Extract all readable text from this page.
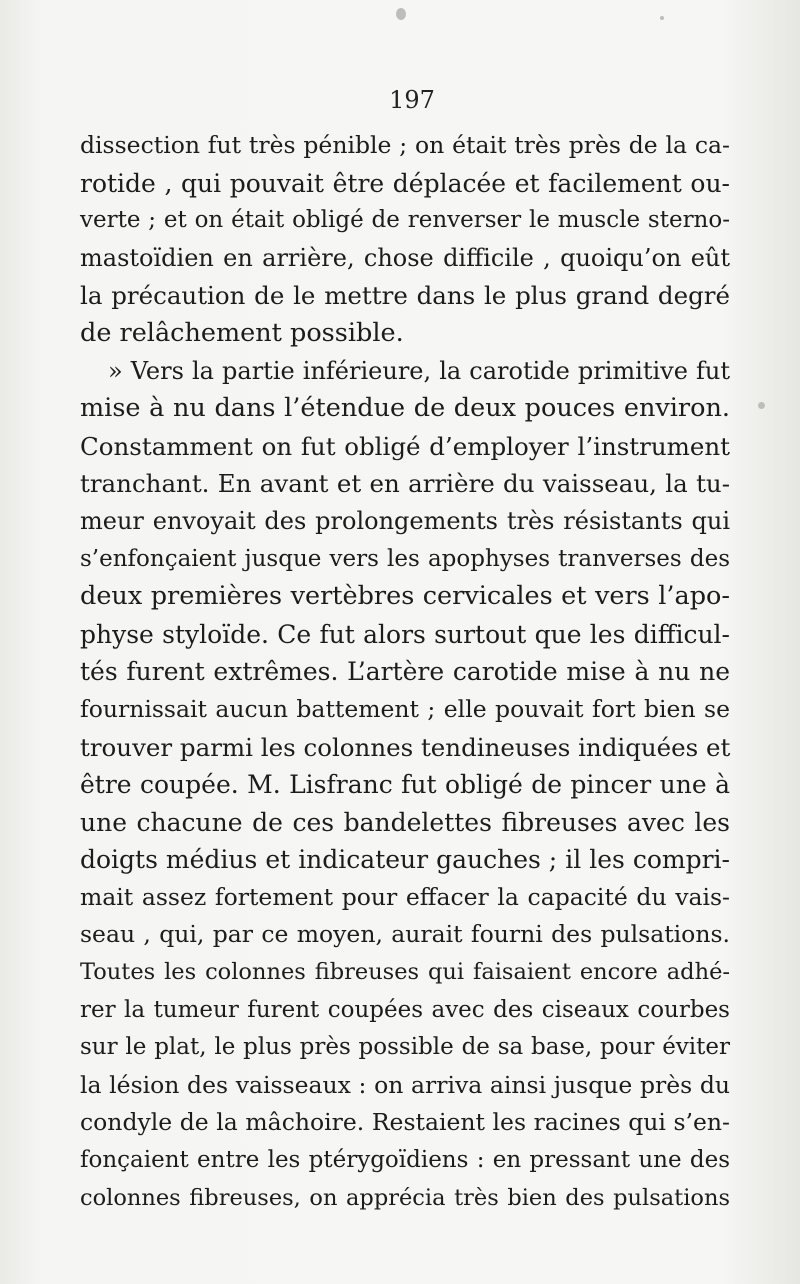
197
dissection fut très pénible ; on était très près de la ca-
rotide , qui pouvait être déplacée et facilement ou-
verte ; et on était obligé de renverser le muscle sterno-
mastoïdien en arrière, chose difficile , quoiqu’on eût
la précaution de le mettre dans le plus grand degré
de relâchement possible.
» Vers la partie inférieure, la carotide primitive fut
mise à nu dans l’étendue de deux pouces environ.
Constamment on fut obligé d’employer l’instrument
tranchant. En avant et en arrière du vaisseau, la tu-
meur envoyait des prolongements très résistants qui
s’enfonçaient jusque vers les apophyses tranverses des
deux premières vertèbres cervicales et vers l’apo-
physe styloïde. Ce fut alors surtout que les difficul-
tés furent extrêmes. L’artère carotide mise à nu ne
fournissait aucun battement ; elle pouvait fort bien se
trouver parmi les colonnes tendineuses indiquées et
être coupée. M. Lisfranc fut obligé de pincer une à
une chacune de ces bandelettes fibreuses avec les
doigts médius et indicateur gauches ; il les compri-
mait assez fortement pour effacer la capacité du vais-
seau , qui, par ce moyen, aurait fourni des pulsations.
Toutes les colonnes fibreuses qui faisaient encore adhé-
rer la tumeur furent coupées avec des ciseaux courbes
sur le plat, le plus près possible de sa base, pour éviter
la lésion des vaisseaux : on arriva ainsi jusque près du
condyle de la mâchoire. Restaient les racines qui s’en-
fonçaient entre les ptérygoïdiens : en pressant une des
colonnes fibreuses, on apprécia très bien des pulsations
